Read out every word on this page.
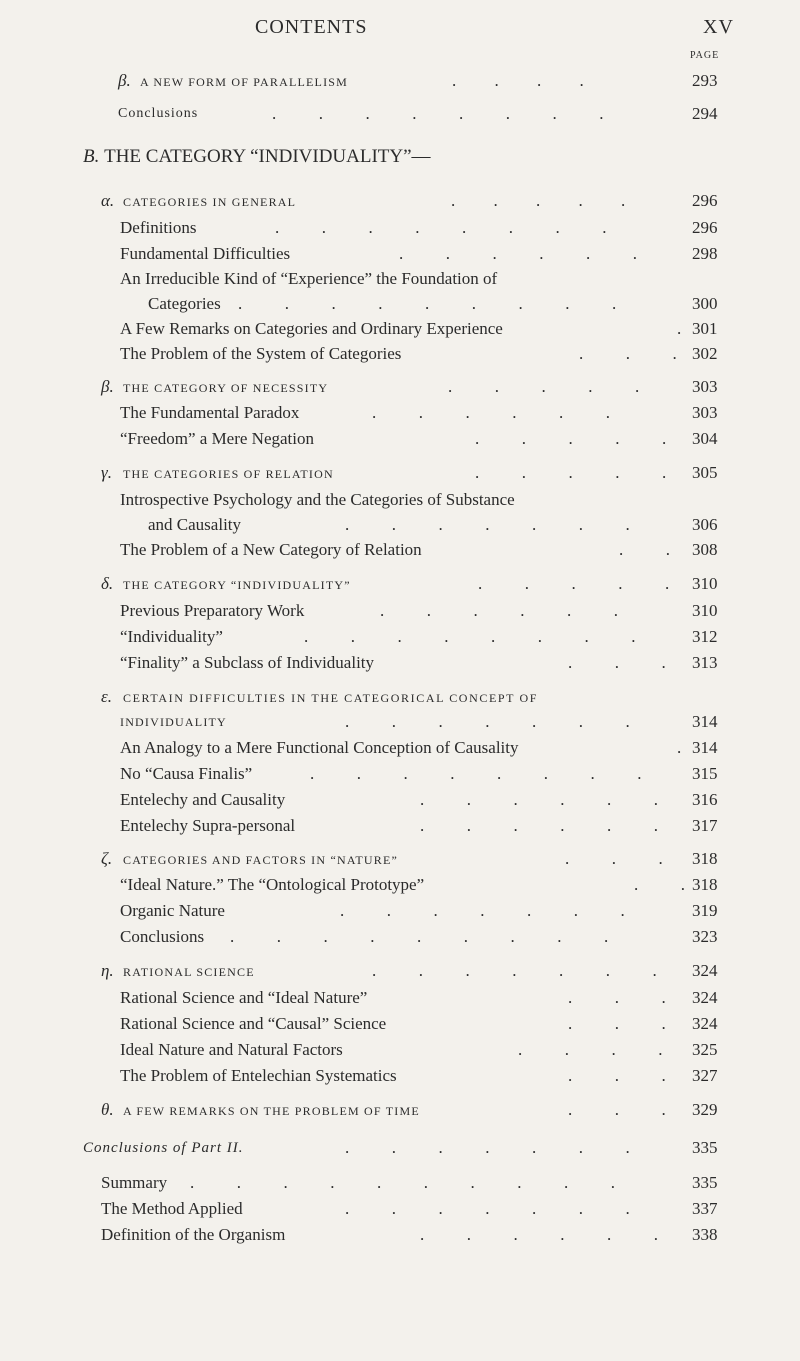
CONTENTS	XV
PAGE
β. A NEW FORM OF PARALLELISM	.         .         .         .	293
Conclusions	.          .          .          .          .          .          .          .	294
B. THE CATEGORY “INDIVIDUALITY”—
α. CATEGORIES IN GENERAL	.         .         .         .         .	296
Definitions	.          .          .          .          .          .          .          .	296
Fundamental Difficulties	.          .          .          .          .          .	298
An Irreducible Kind of “Experience” the Foundation of
Categories .          .          .          .          .          .          .          .          .	300
A Few Remarks on Categories and Ordinary Experience	. 301
The Problem of the System of Categories	.          .          . 302
β. THE CATEGORY OF NECESSITY	.          .          .          .          .	303
The Fundamental Paradox	.          .          .          .          .          .	303
“Freedom” a Mere Negation	.          .          .          .          . 304
γ. THE CATEGORIES OF RELATION	.          .          .          .          . 305
Introspective Psychology and the Categories of Substance
and Causality	.          .          .          .          .          .          .	306
The Problem of a New Category of Relation	.          . 308
δ. THE CATEGORY “INDIVIDUALITY”	.          .          .          .          . 310
Previous Preparatory Work	.          .          .          .          .          .	310
“Individuality”	.          .          .          .          .          .          .          .	312
“Finality” a Subclass of Individuality	.          .          . 313
ε. CERTAIN DIFFICULTIES IN THE CATEGORICAL CONCEPT OF
INDIVIDUALITY	.          .          .          .          .          .          .	314
An Analogy to a Mere Functional Conception of Causality	. 314
No “Causa Finalis”	.          .          .          .          .          .          .          .	315
Entelechy and Causality	.          .          .          .          .          . 316
Entelechy Supra-personal	.          .          .          .          .          . 317
ζ. CATEGORIES AND FACTORS IN “NATURE”	.          .          . 318
“Ideal Nature.” The “Ontological Prototype”	.          . 318
Organic Nature	.          .          .          .          .          .          .	319
Conclusions .          .          .          .          .          .          .          .          .	323
η. RATIONAL SCIENCE	.          .          .          .          .          .          . 324
Rational Science and “Ideal Nature”	.          .          . 324
Rational Science and “Causal” Science	.          .          . 324
Ideal Nature and Natural Factors	.          .          .          . 325
The Problem of Entelechian Systematics	.          .          . 327
θ. A FEW REMARKS ON THE PROBLEM OF TIME	.          .          . 329
Conclusions of Part II.	.          .          .          .          .          .          .	335
Summary .          .          .          .          .          .          .          .          .          .	335
The Method Applied	.          .          .          .          .          .          .	337
Definition of the Organism	.          .          .          .          .          . 338
